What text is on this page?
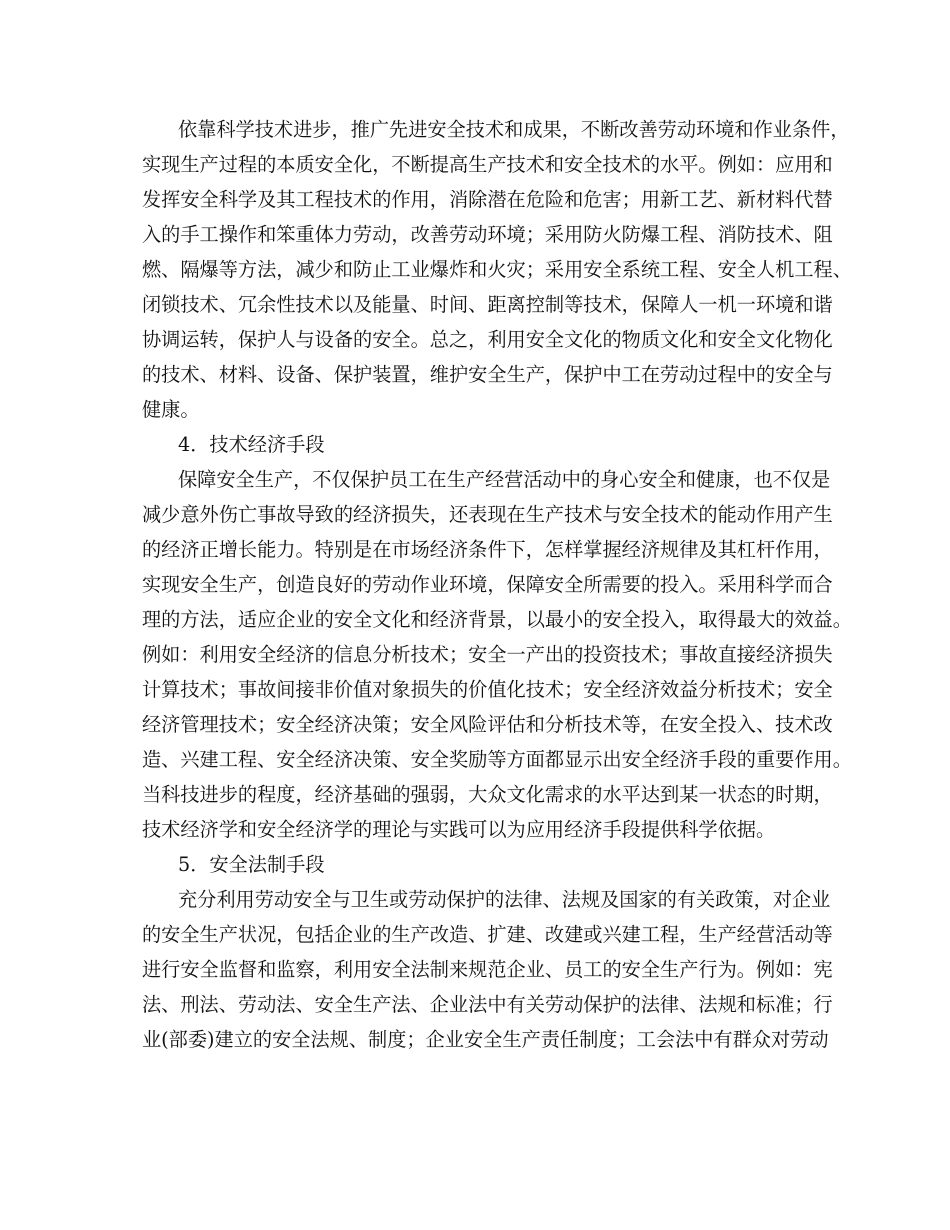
依靠科学技术进步，推广先进安全技术和成果，不断改善劳动环境和作业条件，
实现生产过程的本质安全化，不断提高生产技术和安全技术的水平。例如：应用和
发挥安全科学及其工程技术的作用，消除潜在危险和危害；用新工艺、新材料代替
入的手工操作和笨重体力劳动，改善劳动环境；采用防火防爆工程、消防技术、阻
燃、隔爆等方法，减少和防止工业爆炸和火灾；采用安全系统工程、安全人机工程、
闭锁技术、冗余性技术以及能量、时间、距离控制等技术，保障人一机一环境和谐
协调运转，保护人与设备的安全。总之，利用安全文化的物质文化和安全文化物化
的技术、材料、设备、保护装置，维护安全生产，保护中工在劳动过程中的安全与
健康。
4．技术经济手段
保障安全生产，不仅保护员工在生产经营活动中的身心安全和健康，也不仅是
减少意外伤亡事故导致的经济损失，还表现在生产技术与安全技术的能动作用产生
的经济正增长能力。特别是在市场经济条件下，怎样掌握经济规律及其杠杆作用，
实现安全生产，创造良好的劳动作业环境，保障安全所需要的投入。采用科学而合
理的方法，适应企业的安全文化和经济背景，以最小的安全投入，取得最大的效益。
例如：利用安全经济的信息分析技术；安全一产出的投资技术；事故直接经济损失
计算技术；事故间接非价值对象损失的价值化技术；安全经济效益分析技术；安全
经济管理技术；安全经济决策；安全风险评估和分析技术等，在安全投入、技术改
造、兴建工程、安全经济决策、安全奖励等方面都显示出安全经济手段的重要作用。
当科技进步的程度，经济基础的强弱，大众文化需求的水平达到某一状态的时期，
技术经济学和安全经济学的理论与实践可以为应用经济手段提供科学依据。
5．安全法制手段
充分利用劳动安全与卫生或劳动保护的法律、法规及国家的有关政策，对企业
的安全生产状况，包括企业的生产改造、扩建、改建或兴建工程，生产经营活动等
进行安全监督和监察，利用安全法制来规范企业、员工的安全生产行为。例如：宪
法、刑法、劳动法、安全生产法、企业法中有关劳动保护的法律、法规和标准；行
业(部委)建立的安全法规、制度；企业安全生产责任制度；工会法中有群众对劳动
